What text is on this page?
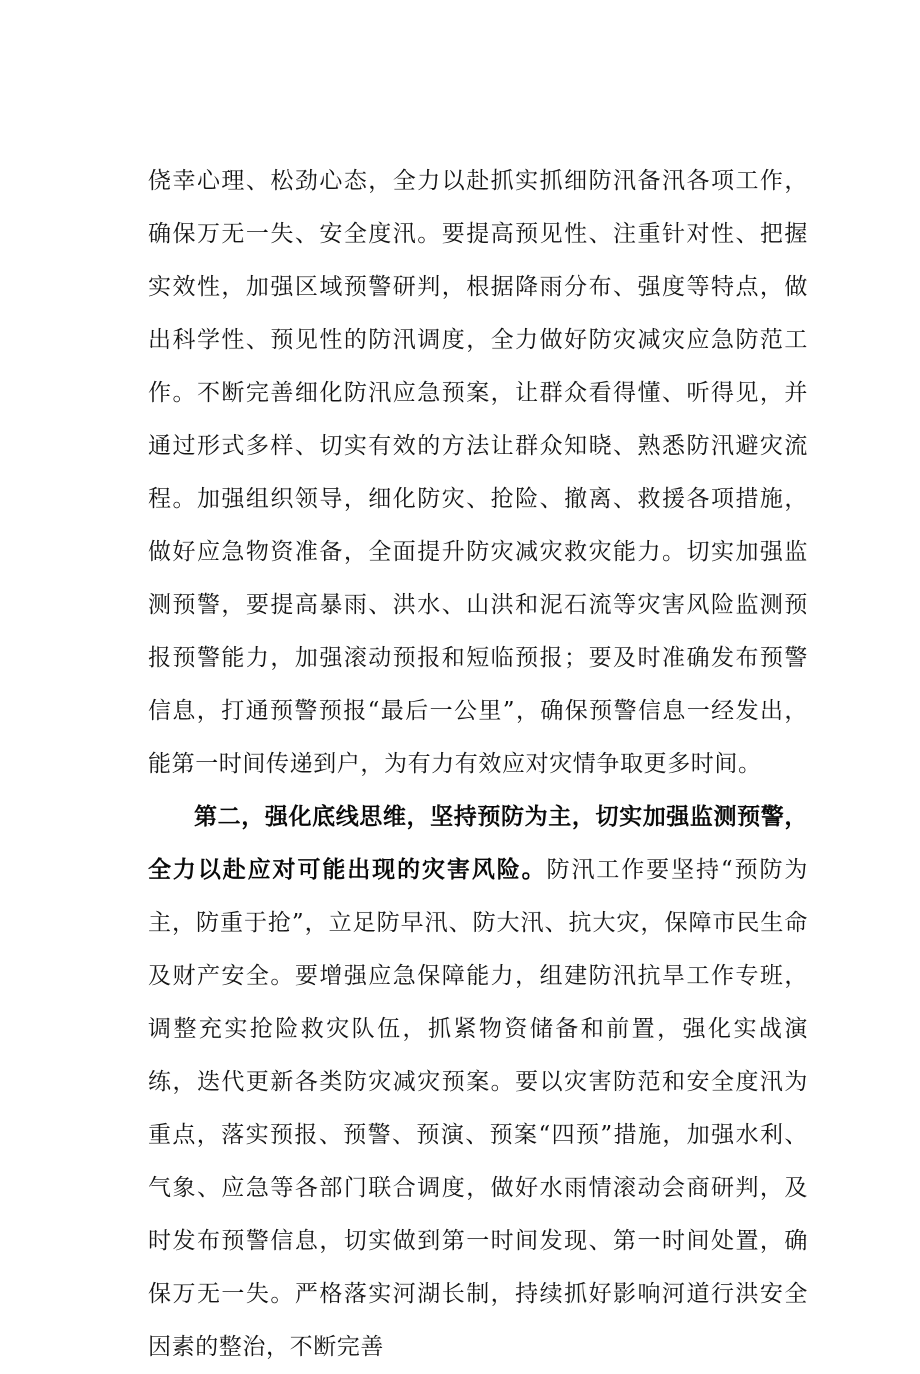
侥幸心理、松劲心态，全力以赴抓实抓细防汛备汛各项工作，确保万无一失、安全度汛。要提高预见性、注重针对性、把握实效性，加强区域预警研判，根据降雨分布、强度等特点，做出科学性、预见性的防汛调度，全力做好防灾减灾应急防范工作。不断完善细化防汛应急预案，让群众看得懂、听得见，并通过形式多样、切实有效的方法让群众知晓、熟悉防汛避灾流程。加强组织领导，细化防灾、抢险、撤离、救援各项措施，做好应急物资准备，全面提升防灾减灾救灾能力。切实加强监测预警，要提高暴雨、洪水、山洪和泥石流等灾害风险监测预报预警能力，加强滚动预报和短临预报；要及时准确发布预警信息，打通预警预报“最后一公里”，确保预警信息一经发出，能第一时间传递到户，为有力有效应对灾情争取更多时间。

第二，强化底线思维，坚持预防为主，切实加强监测预警，全力以赴应对可能出现的灾害风险。防汛工作要坚持“预防为主，防重于抢”，立足防早汛、防大汛、抗大灾，保障市民生命及财产安全。要增强应急保障能力，组建防汛抗旱工作专班，调整充实抢险救灾队伍，抓紧物资储备和前置，强化实战演练，迭代更新各类防灾减灾预案。要以灾害防范和安全度汛为重点，落实预报、预警、预演、预案“四预”措施，加强水利、气象、应急等各部门联合调度，做好水雨情滚动会商研判，及时发布预警信息，切实做到第一时间发现、第一时间处置，确保万无一失。严格落实河湖长制，持续抓好影响河道行洪安全因素的整治，不断完善
